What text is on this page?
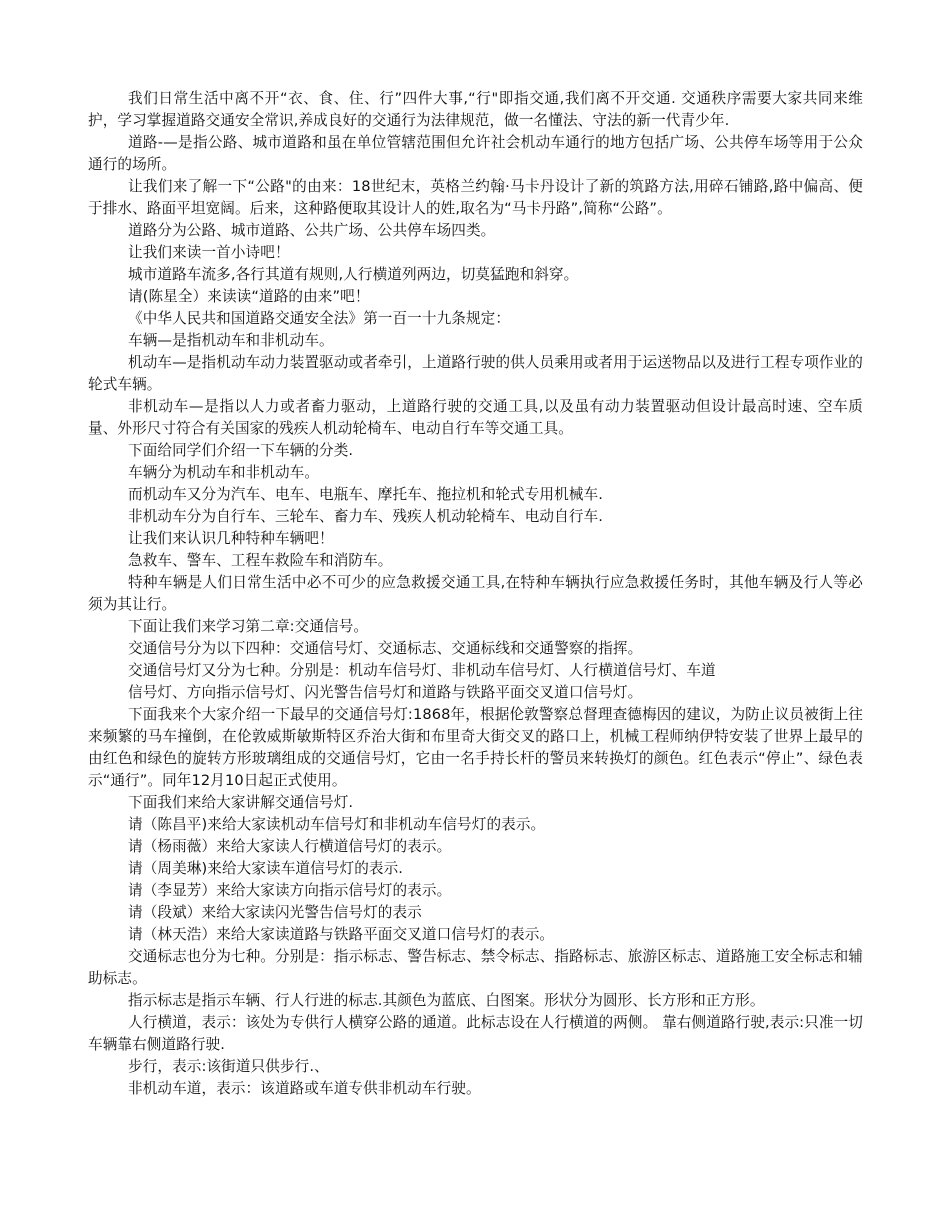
我们日常生活中离不开“衣、食、住、行”四件大事,“行"即指交通,我们离不开交通. 交通秩序需要大家共同来维护，学习掌握道路交通安全常识,养成良好的交通行为法律规范，做一名懂法、守法的新一代青少年.

道路-—是指公路、城市道路和虽在单位管辖范围但允许社会机动车通行的地方包括广场、公共停车场等用于公众通行的场所。

让我们来了解一下“公路"的由来：18世纪末，英格兰约翰·马卡丹设计了新的筑路方法,用碎石铺路,路中偏高、便于排水、路面平坦宽阔。后来，这种路便取其设计人的姓,取名为“马卡丹路”,简称“公路”。

道路分为公路、城市道路、公共广场、公共停车场四类。

让我们来读一首小诗吧！

城市道路车流多,各行其道有规则,人行横道列两边，切莫猛跑和斜穿。

请(陈星全）来读读“道路的由来”吧！

《中华人民共和国道路交通安全法》第一百一十九条规定：

车辆—是指机动车和非机动车。

机动车—是指机动车动力装置驱动或者牵引，上道路行驶的供人员乘用或者用于运送物品以及进行工程专项作业的轮式车辆。

非机动车—是指以人力或者畜力驱动，上道路行驶的交通工具,以及虽有动力装置驱动但设计最高时速、空车质量、外形尺寸符合有关国家的残疾人机动轮椅车、电动自行车等交通工具。

下面给同学们介绍一下车辆的分类.

车辆分为机动车和非机动车。

而机动车又分为汽车、电车、电瓶车、摩托车、拖拉机和轮式专用机械车.

非机动车分为自行车、三轮车、畜力车、残疾人机动轮椅车、电动自行车.

让我们来认识几种特种车辆吧！

急救车、警车、工程车救险车和消防车。

特种车辆是人们日常生活中必不可少的应急救援交通工具,在特种车辆执行应急救援任务时，其他车辆及行人等必须为其让行。

下面让我们来学习第二章:交通信号。

交通信号分为以下四种：交通信号灯、交通标志、交通标线和交通警察的指挥。

交通信号灯又分为七种。分别是：机动车信号灯、非机动车信号灯、人行横道信号灯、车道

信号灯、方向指示信号灯、闪光警告信号灯和道路与铁路平面交叉道口信号灯。

下面我来个大家介绍一下最早的交通信号灯:1868年，根据伦敦警察总督理查德梅因的建议，为防止议员被街上往来频繁的马车撞倒，在伦敦威斯敏斯特区乔治大街和布里奇大街交叉的路口上，机械工程师纳伊特安装了世界上最早的由红色和绿色的旋转方形玻璃组成的交通信号灯，它由一名手持长杆的警员来转换灯的颜色。红色表示“停止”、绿色表示“通行”。同年12月10日起正式使用。

下面我们来给大家讲解交通信号灯.

请（陈昌平)来给大家读机动车信号灯和非机动车信号灯的表示。

请（杨雨薇）来给大家读人行横道信号灯的表示。

请（周美琳)来给大家读车道信号灯的表示.

请（李显芳）来给大家读方向指示信号灯的表示。

请（段斌）来给大家读闪光警告信号灯的表示

请（林天浩）来给大家读道路与铁路平面交叉道口信号灯的表示。

交通标志也分为七种。分别是：指示标志、警告标志、禁令标志、指路标志、旅游区标志、道路施工安全标志和辅助标志。

指示标志是指示车辆、行人行进的标志.其颜色为蓝底、白图案。形状分为圆形、长方形和正方形。

人行横道，表示：该处为专供行人横穿公路的通道。此标志设在人行横道的两侧。 靠右侧道路行驶,表示:只准一切车辆靠右侧道路行驶.

步行，表示:该街道只供步行.、

非机动车道，表示：该道路或车道专供非机动车行驶。
